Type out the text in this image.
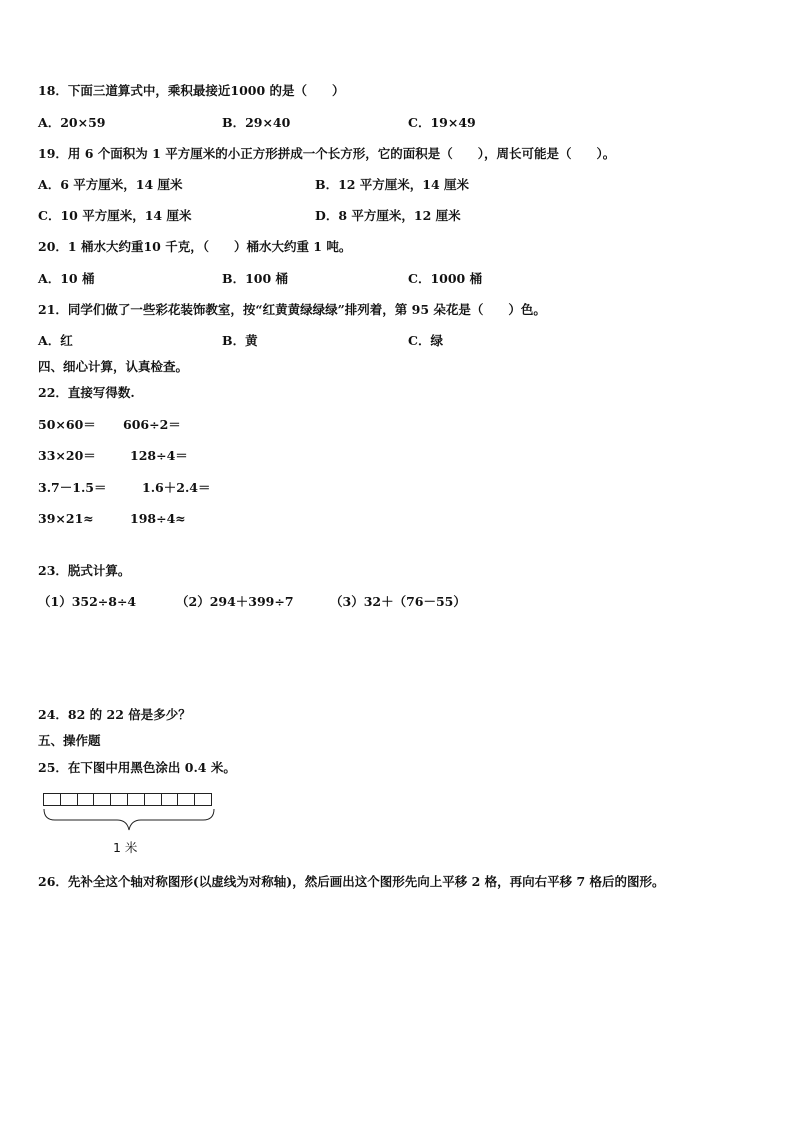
18．下面三道算式中，乘积最接近1000 的是（　　）
A．20×59	B．29×40	C．19×49
19．用 6 个面积为 1 平方厘米的小正方形拼成一个长方形，它的面积是（　　），周长可能是（　　）。
A．6 平方厘米，14 厘米	B．12 平方厘米，14 厘米
C．10 平方厘米，14 厘米	D．8 平方厘米，12 厘米
20．1 桶水大约重10 千克，（　　）桶水大约重 1 吨。
A．10 桶	B．100 桶	C．1000 桶
21．同学们做了一些彩花装饰教室，按“红黄黄绿绿绿”排列着，第 95 朵花是（　　）色。
A．红	B．黄	C．绿
四、细心计算，认真检查。
22．直接写得数.
50×60＝ 606÷2＝
33×20＝	128÷4＝
3.7－1.5＝	1.6＋2.4＝
39×21≈	198÷4≈
23．脱式计算。
（1）352÷8÷4	（2）294＋399÷7	（3）32＋（76－55）
24．82 的 22 倍是多少？
五、操作题
25．在下图中用黑色涂出 0.4 米。
1 米
26．先补全这个轴对称图形(以虚线为对称轴)，然后画出这个图形先向上平移 2 格，再向右平移 7 格后的图形。
